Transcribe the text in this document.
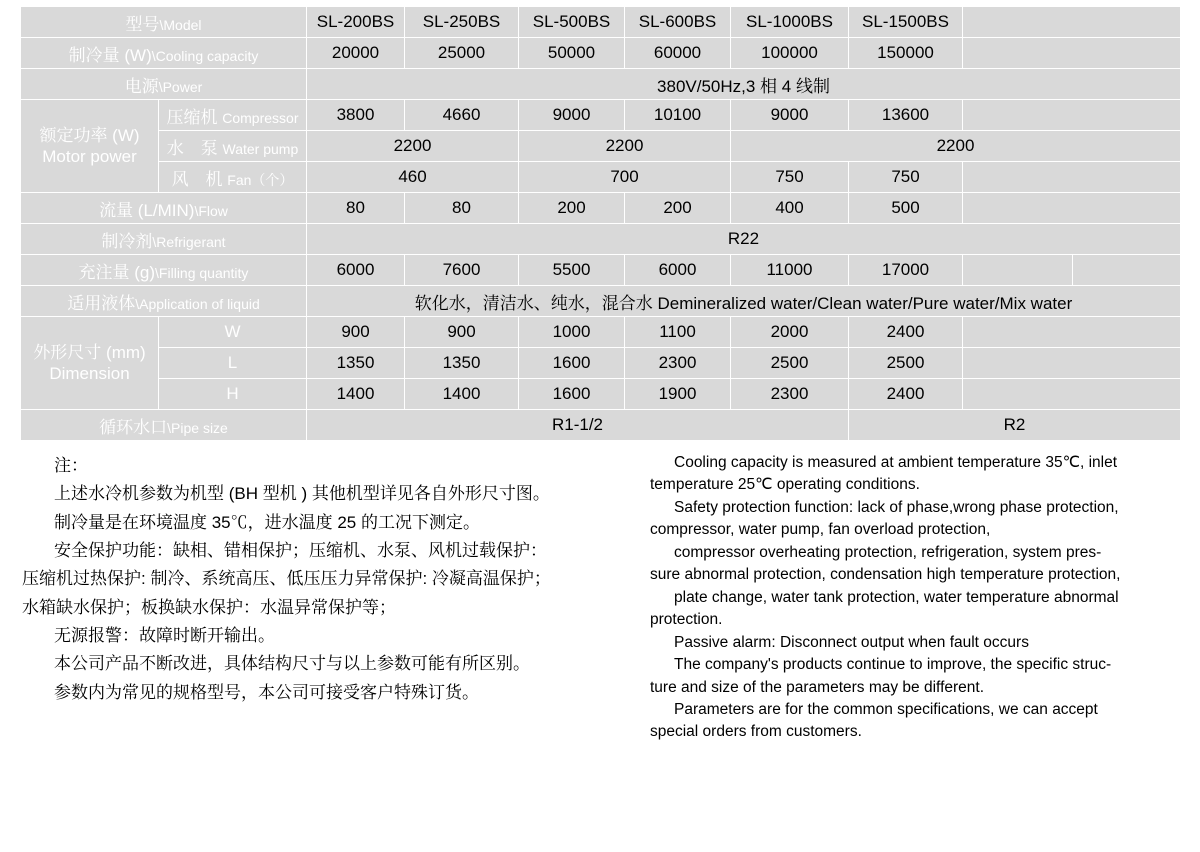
型号\Model		SL-200BS	SL-250BS	SL-500BS	SL-600BS	SL-1000BS	SL-1500BS		
制冷量 (W)\Cooling capacity		20000	25000	50000	60000	100000	150000		
电源\Power		380V/50Hz,3 相 4 线制							

额定功率 (W)
Motor power	压缩机 Compressor	3800	4660	9000	10100	9000	13600		
	水　泵 Water pump	2200		2200		2200			
	风　机 Fan（个）	460		700		750	750		
流量 (L/MIN)\Flow		80	80	200	200	400	500		
制冷剂\Refrigerant		R22							
充注量 (g)\Filling quantity		6000	7600	5500	6000	11000	17000		
适用液体\Application of liquid		软化水，清洁水、纯水，混合水 Demineralized water/Clean water/Pure water/Mix water							

外形尺寸 (mm)
Dimension	W	900	900	1000	1100	2000	2400		
	L	1350	1350	1600	2300	2500	2500		
	H	1400	1400	1600	1900	2300	2400		
循环水口\Pipe size		R1-1/2					R2		

注：

上述水冷机参数为机型 (BH 型机 ) 其他机型详见各自外形尺寸图。

制冷量是在环境温度 35℃，进水温度 25 的工况下测定。

安全保护功能：缺相、错相保护；压缩机、水泵、风机过载保护：

压缩机过热保护: 制冷、系统高压、低压压力异常保护: 冷凝高温保护；

水箱缺水保护；板换缺水保护：水温异常保护等；

无源报警：故障时断开输出。

本公司产品不断改进，具体结构尺寸与以上参数可能有所区别。

参数内为常见的规格型号，本公司可接受客户特殊订货。

Cooling capacity is measured at ambient temperature 35℃, inlet

temperature 25℃ operating conditions.

Safety protection function: lack of phase,wrong phase protection,

compressor, water pump, fan overload protection,

compressor overheating protection, refrigeration, system pres-

sure abnormal protection, condensation high temperature protection,

plate change, water tank protection, water temperature abnormal

protection.

Passive alarm: Disconnect output when fault occurs

The company's products continue to improve, the specific struc-

ture and size of the parameters may be different.

Parameters are for the common specifications, we can accept

special orders from customers.
